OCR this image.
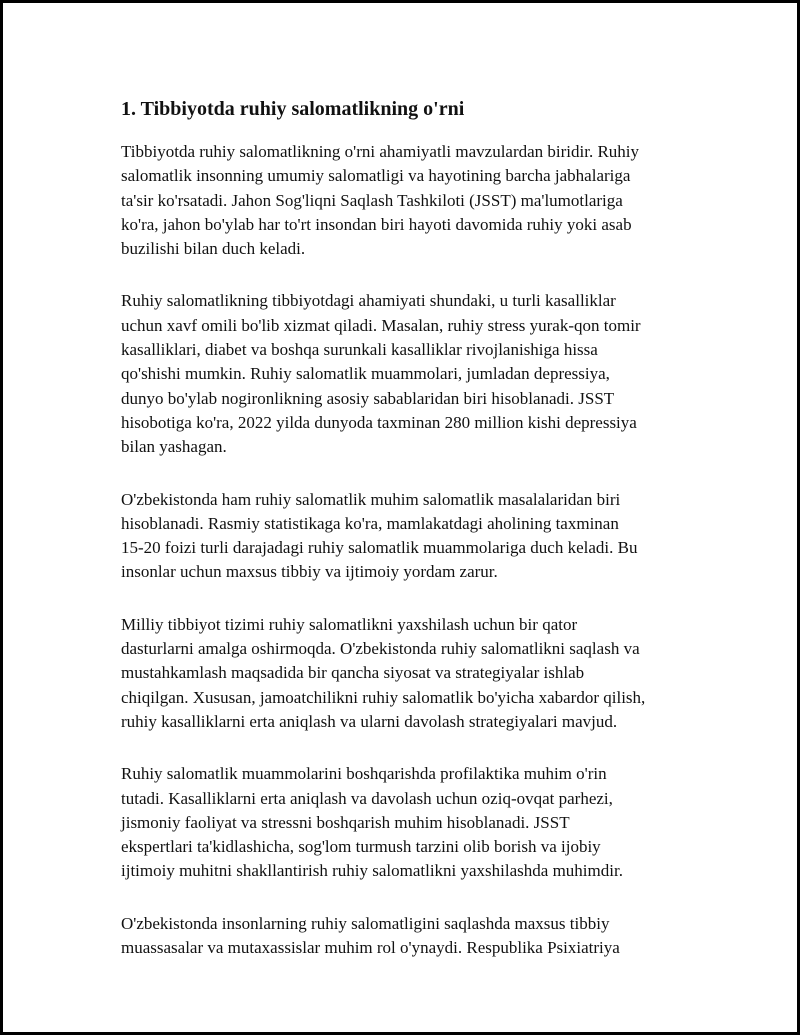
1. Tibbiyotda ruhiy salomatlikning o'rni

Tibbiyotda ruhiy salomatlikning o'rni ahamiyatli mavzulardan biridir. Ruhiy
salomatlik insonning umumiy salomatligi va hayotining barcha jabhalariga
ta'sir ko'rsatadi. Jahon Sog'liqni Saqlash Tashkiloti (JSST) ma'lumotlariga
ko'ra, jahon bo'ylab har to'rt insondan biri hayoti davomida ruhiy yoki asab
buzilishi bilan duch keladi.

Ruhiy salomatlikning tibbiyotdagi ahamiyati shundaki, u turli kasalliklar
uchun xavf omili bo'lib xizmat qiladi. Masalan, ruhiy stress yurak-qon tomir
kasalliklari, diabet va boshqa surunkali kasalliklar rivojlanishiga hissa
qo'shishi mumkin. Ruhiy salomatlik muammolari, jumladan depressiya,
dunyo bo'ylab nogironlikning asosiy sabablaridan biri hisoblanadi. JSST
hisobotiga ko'ra, 2022 yilda dunyoda taxminan 280 million kishi depressiya
bilan yashagan.

O'zbekistonda ham ruhiy salomatlik muhim salomatlik masalalaridan biri
hisoblanadi. Rasmiy statistikaga ko'ra, mamlakatdagi aholining taxminan
15-20 foizi turli darajadagi ruhiy salomatlik muammolariga duch keladi. Bu
insonlar uchun maxsus tibbiy va ijtimoiy yordam zarur.

Milliy tibbiyot tizimi ruhiy salomatlikni yaxshilash uchun bir qator
dasturlarni amalga oshirmoqda. O'zbekistonda ruhiy salomatlikni saqlash va
mustahkamlash maqsadida bir qancha siyosat va strategiyalar ishlab
chiqilgan. Xususan, jamoatchilikni ruhiy salomatlik bo'yicha xabardor qilish,
ruhiy kasalliklarni erta aniqlash va ularni davolash strategiyalari mavjud.

Ruhiy salomatlik muammolarini boshqarishda profilaktika muhim o'rin
tutadi. Kasalliklarni erta aniqlash va davolash uchun oziq-ovqat parhezi,
jismoniy faoliyat va stressni boshqarish muhim hisoblanadi. JSST
ekspertlari ta'kidlashicha, sog'lom turmush tarzini olib borish va ijobiy
ijtimoiy muhitni shakllantirish ruhiy salomatlikni yaxshilashda muhimdir.

O'zbekistonda insonlarning ruhiy salomatligini saqlashda maxsus tibbiy
muassasalar va mutaxassislar muhim rol o'ynaydi. Respublika Psixiatriya
